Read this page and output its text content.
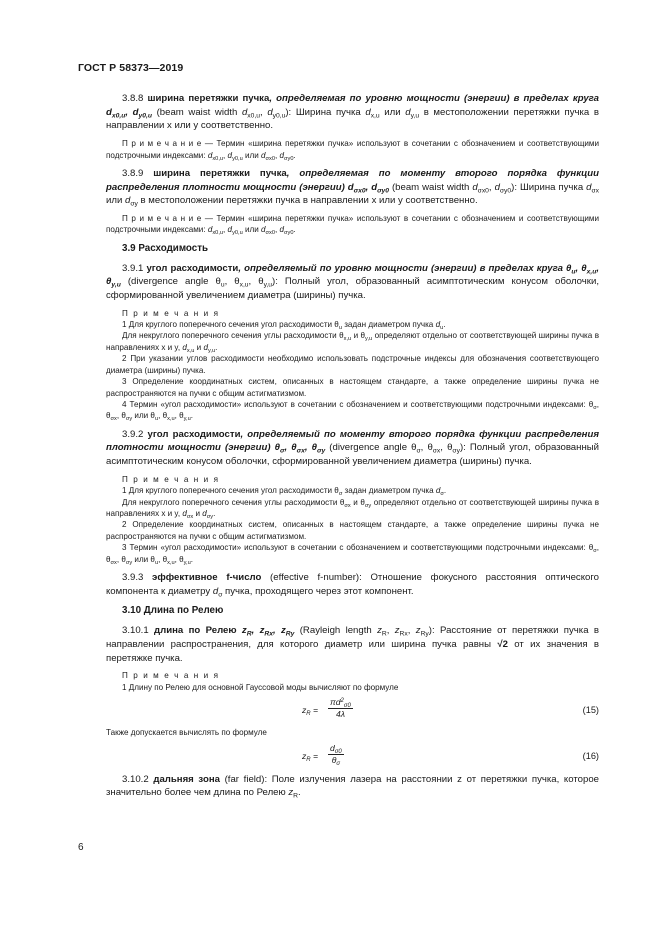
ГОСТ Р 58373—2019

3.8.8 ширина перетяжки пучка, определяемая по уровню мощности (энергии) в пределах круга $d_{x0,u}$, $d_{y0,u}$ (beam waist width $d_{x0,u}$, $d_{y0,u}$): Ширина пучка $d_{x,u}$ или $d_{y,u}$ в местоположении перетяжки пучка в направлении x или y соответственно.

П р и м е ч а н и е — Термин «ширина перетяжки пучка» используют в сочетании с обозначением и соответствующими подстрочными индексами: $d_{x0,u}$, $d_{y0,u}$ или $d_{\sigma x0}$, $d_{\sigma y0}$.

3.8.9 ширина перетяжки пучка, определяемая по моменту второго порядка функции распределения плотности мощности (энергии) $d_{\sigma x0}$, $d_{\sigma y0}$ (beam waist width $d_{\sigma x0}$, $d_{\sigma y0}$): Ширина пучка $d_{\sigma x}$ или $d_{\sigma y}$ в местоположении перетяжки пучка в направлении x или y соответственно.

П р и м е ч а н и е — Термин «ширина перетяжки пучка» используют в сочетании с обозначением и соответствующими подстрочными индексами: $d_{x0,u}$, $d_{y0,u}$ или $d_{\sigma x0}$, $d_{\sigma y0}$.

3.9 Расходимость

3.9.1 угол расходимости, определяемый по уровню мощности (энергии) в пределах круга $\theta_u$, $\theta_{x,u}$, $\theta_{y,u}$ (divergence angle $\theta_u$, $\theta_{x,u}$, $\theta_{y,u}$): Полный угол, образованный асимптотическим конусом оболочки, сформированной увеличением диаметра (ширины) пучка.

П р и м е ч а н и я

1 Для круглого поперечного сечения угол расходимости $\theta_u$ задан диаметром пучка $d_u$.

Для некруглого поперечного сечения углы расходимости $\theta_{x,u}$ и $\theta_{y,u}$ определяют отдельно от соответствующей ширины пучка в направлениях x и y, $d_{x,u}$ и $d_{y,u}$.

2 При указании углов расходимости необходимо использовать подстрочные индексы для обозначения соответствующего диаметра (ширины) пучка.

3 Определение координатных систем, описанных в настоящем стандарте, а также определение ширины пучка не распространяются на пучки с общим астигматизмом.

4 Термин «угол расходимости» используют в сочетании с обозначением и соответствующими подстрочными индексами: $\theta_\sigma$, $\theta_{\sigma x}$, $\theta_{\sigma y}$ или $\theta_u$, $\theta_{x,u}$, $\theta_{y,u}$.

3.9.2 угол расходимости, определяемый по моменту второго порядка функции распределения плотности мощности (энергии) $\theta_\sigma$, $\theta_{\sigma x}$, $\theta_{\sigma y}$ (divergence angle $\theta_\sigma$, $\theta_{\sigma x}$, $\theta_{\sigma y}$): Полный угол, образованный асимптотическим конусом оболочки, сформированной увеличением диаметра (ширины) пучка.

П р и м е ч а н и я

1 Для круглого поперечного сечения угол расходимости $\theta_\sigma$ задан диаметром пучка $d_\sigma$.

Для некруглого поперечного сечения углы расходимости $\theta_{\sigma x}$ и $\theta_{\sigma y}$ определяют отдельно от соответствующей ширины пучка в направлениях x и y, $d_{\sigma x}$ и $d_{\sigma y}$.

2 Определение координатных систем, описанных в настоящем стандарте, а также определение ширины пучка не распространяются на пучки с общим астигматизмом.

3 Термин «угол расходимости» используют в сочетании с обозначением и соответствующими подстрочными индексами: $\theta_\sigma$, $\theta_{\sigma x}$, $\theta_{\sigma y}$ или $\theta_u$, $\theta_{x,u}$, $\theta_{y,u}$.

3.9.3 эффективное f-число (effective f-number): Отношение фокусного расстояния оптического компонента к диаметру $d_\sigma$ пучка, проходящего через этот компонент.

3.10 Длина по Релею

3.10.1 длина по Релею $z_R$, $z_{Rx}$, $z_{Ry}$ (Rayleigh length $z_R$, $z_{Rx}$, $z_{Ry}$): Расстояние от перетяжки пучка в направлении распространения, для которого диаметр или ширина пучка равны √2 от их значения в перетяжке пучка.

П р и м е ч а н и я

1 Длину по Релею для основной Гауссовой моды вычисляют по формуле

$z_R = \frac{\pi d^2_{\sigma 0}}{4\lambda}$	(15)

Также допускается вычислять по формуле

$z_R = \frac{d_{\sigma 0}}{\theta_\sigma}$	(16)

3.10.2 дальняя зона (far field): Поле излучения лазера на расстоянии z от перетяжки пучка, которое значительно более чем длина по Релею $z_R$.

6
